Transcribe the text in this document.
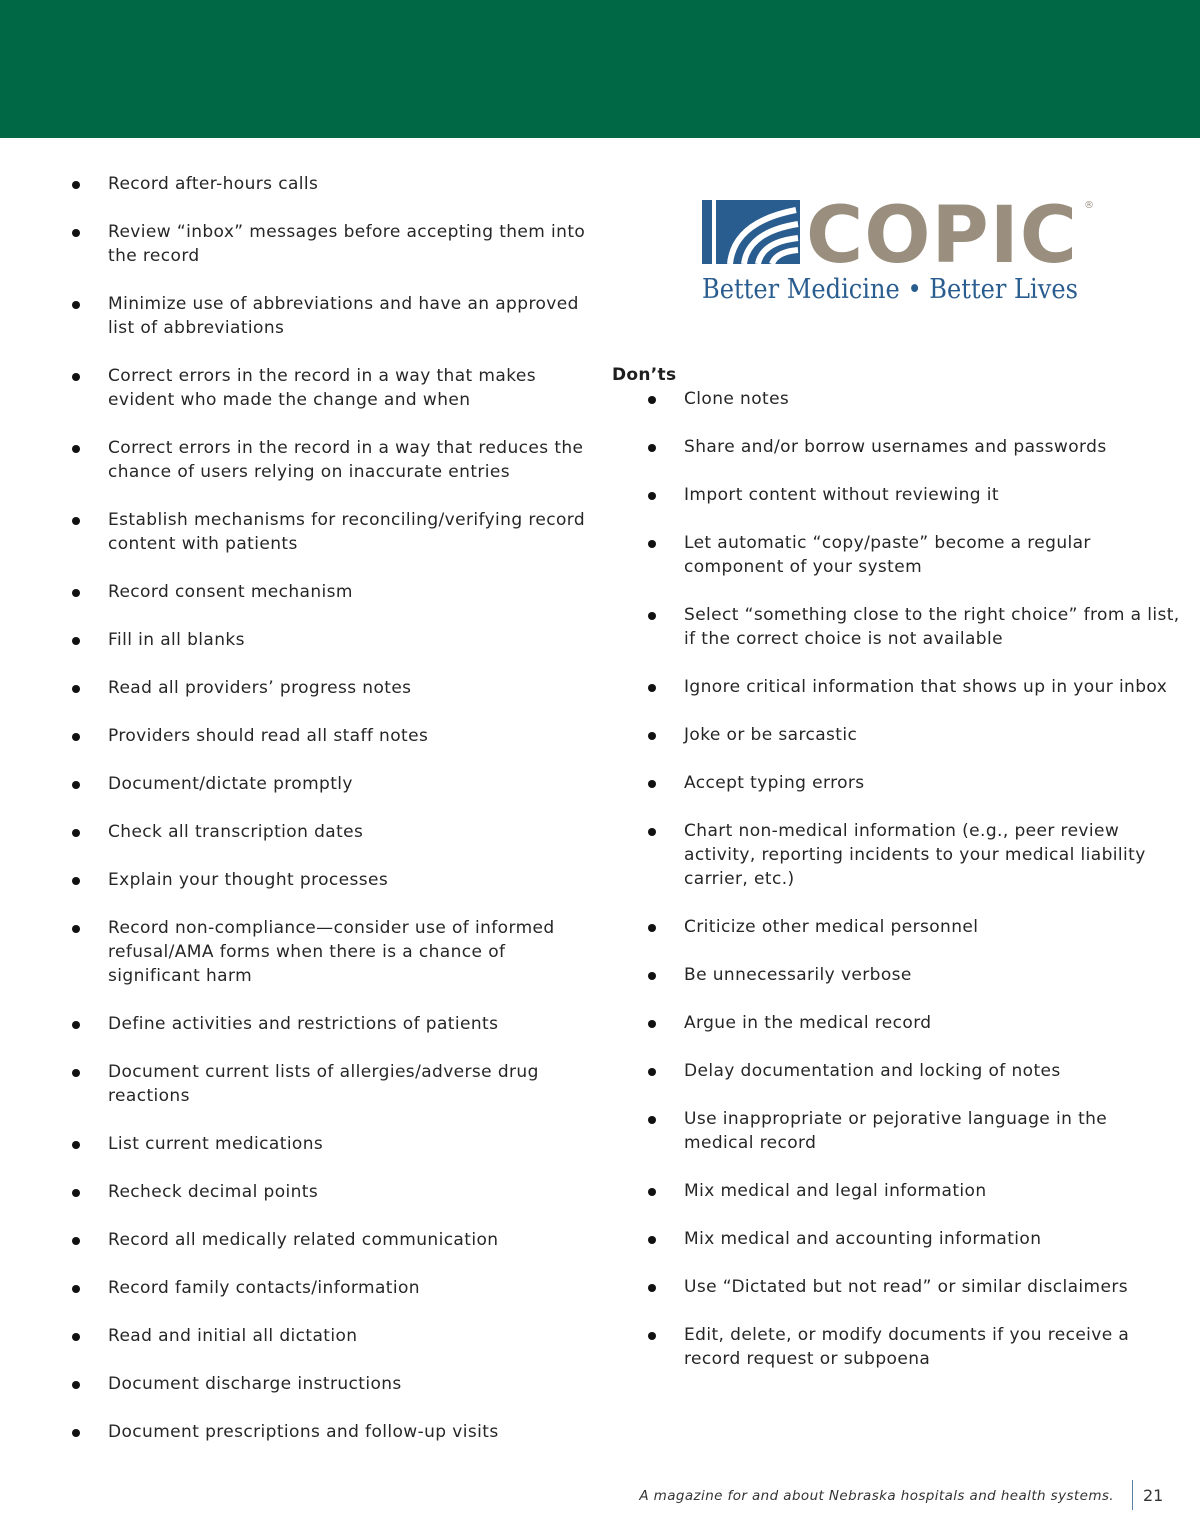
COPIC ®
Better Medicine • Better Lives
Record after-hours calls
Review “inbox” messages before accepting them into the record
Minimize use of abbreviations and have an approved list of abbreviations
Correct errors in the record in a way that makes evident who made the change and when
Correct errors in the record in a way that reduces the chance of users relying on inaccurate entries
Establish mechanisms for reconciling/verifying record content with patients
Record consent mechanism
Fill in all blanks
Read all providers’ progress notes
Providers should read all staff notes
Document/dictate promptly
Check all transcription dates
Explain your thought processes
Record non-compliance—consider use of informed refusal/AMA forms when there is a chance of significant harm
Define activities and restrictions of patients
Document current lists of allergies/adverse drug reactions
List current medications
Recheck decimal points
Record all medically related communication
Record family contacts/information
Read and initial all dictation
Document discharge instructions
Document prescriptions and follow-up visits
Don’ts
Clone notes
Share and/or borrow usernames and passwords
Import content without reviewing it
Let automatic “copy/paste” become a regular component of your system
Select “something close to the right choice” from a list, if the correct choice is not available
Ignore critical information that shows up in your inbox
Joke or be sarcastic
Accept typing errors
Chart non-medical information (e.g., peer review activity, reporting incidents to your medical liability carrier, etc.)
Criticize other medical personnel
Be unnecessarily verbose
Argue in the medical record
Delay documentation and locking of notes
Use inappropriate or pejorative language in the medical record
Mix medical and legal information
Mix medical and accounting information
Use “Dictated but not read” or similar disclaimers
Edit, delete, or modify documents if you receive a record request or subpoena
A magazine for and about Nebraska hospitals and health systems. 21
